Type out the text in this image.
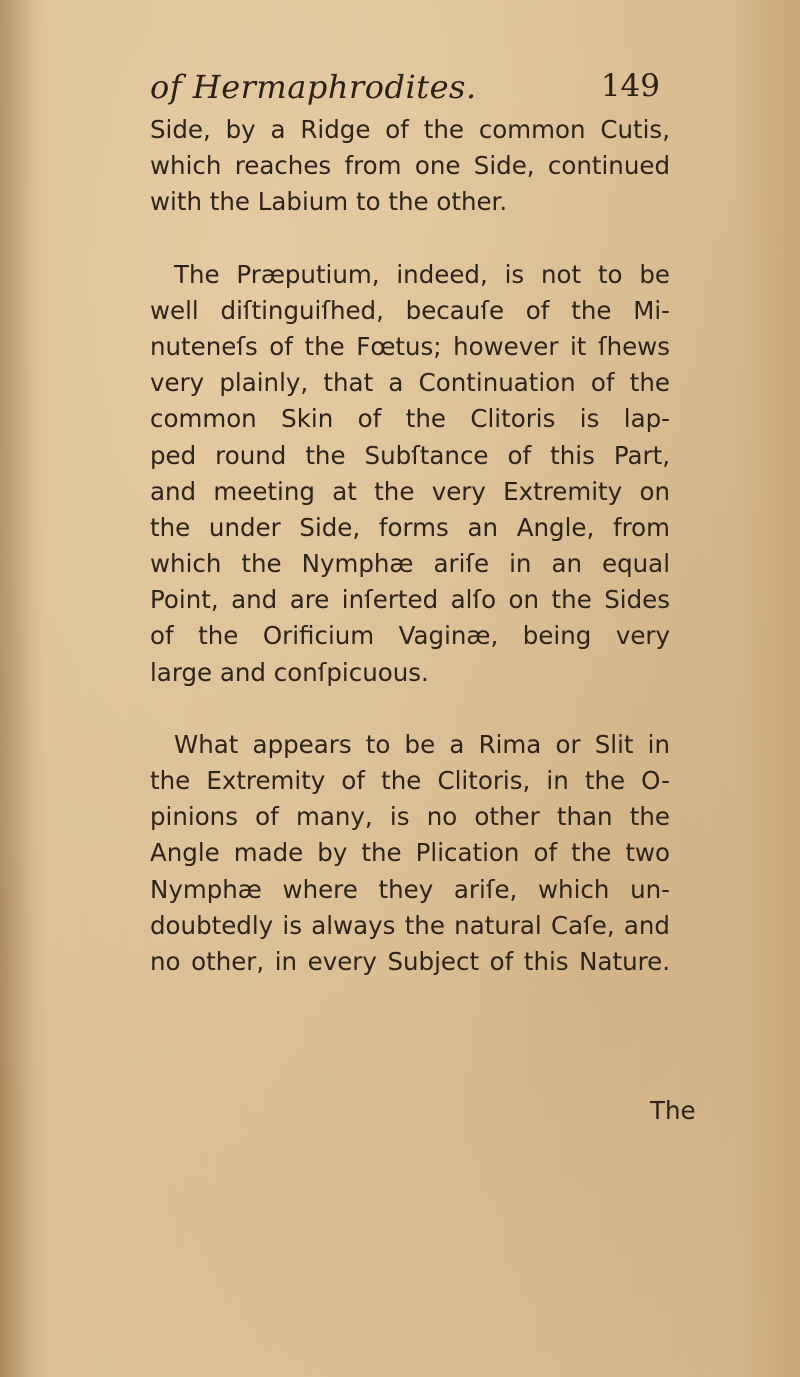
of Hermaphrodites.	149
Side, by a Ridge of the common Cutis,
which reaches from one Side, continued
with the Labium to the other.
The Præputium, indeed, is not to be
well diſtinguiſhed, becauſe of the Mi-
nuteneſs of the Fœtus; however it ſhews
very plainly, that a Continuation of the
common Skin of the Clitoris is lap-
ped round the Subſtance of this Part,
and meeting at the very Extremity on
the under Side, forms an Angle, from
which the Nymphæ ariſe in an equal
Point, and are inſerted alſo on the Sides
of the Orificium Vaginæ, being very
large and conſpicuous.
What appears to be a Rima or Slit in
the Extremity of the Clitoris, in the O-
pinions of many, is no other than the
Angle made by the Plication of the two
Nymphæ where they ariſe, which un-
doubtedly is always the natural Caſe, and
no other, in every Subject of this Nature.
The
